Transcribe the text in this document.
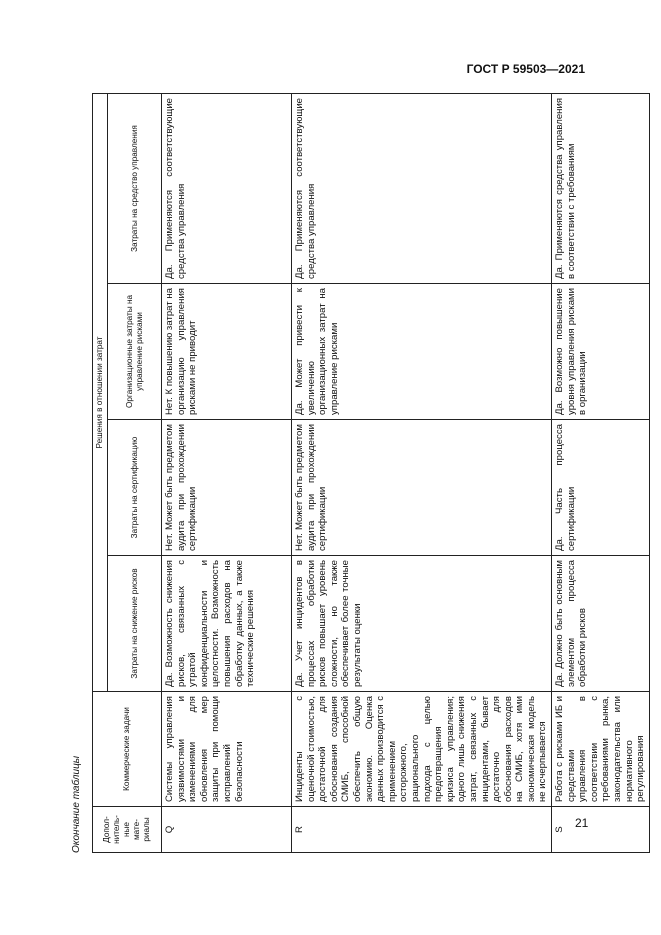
ГОСТ Р 59503—2021
Окончание таблицы Допол- нитель- ные мате- риалы	Коммерческие задачи	Решения в отношении затрат			
		Затраты на снижение рисков	Затраты на сертификацию	Организационные затраты на управление рисками	Затраты на средство управления
Q	Системы управления уязвимостями и изменениями для обновления мер защиты при помощи исправлений безопасности	Да. Возможность снижения рисков, связанных с утратой конфиденциальности и целостности. Возможность повышения расходов на обработку данных, а также технические решения	Нет. Может быть предметом аудита при прохождении сертификации	Нет. К повышению затрат на организацию управления рисками не приводит	Да. Применяются соответствующие средства управления
R	Инциденты с оценочной стоимостью, достаточной для обоснования создания СМИБ, способной обеспечить общую экономию. Оценка данных производится с применением осторожного, рационального подхода с целью предотвращения кризиса управления; одного лишь снижения затрат, связанных с инцидентами, бывает достаточно для обоснования расходов на СМИБ, хотя ими экономическая модель не исчерпывается	Да. Учет инцидентов в процессах обработки рисков повышает уровень сложности, но также обеспечивает более точные результаты оценки	Нет. Может быть предметом аудита при прохождении сертификации	Да. Может привести к увеличению организационных затрат на управление рисками	Да. Применяются соответствующие средства управления
S	Работа с рисками ИБ и средствами управления в соответствии с требованиями рынка, законодательства или нормативного регулирования	Да. Должно быть основным элементом процесса обработки рисков	Да. Часть процесса сертификации	Да. Возможно повышение уровня управления рисками в организации	Да. Применяются средства управления в соответствии с требованиям
21
